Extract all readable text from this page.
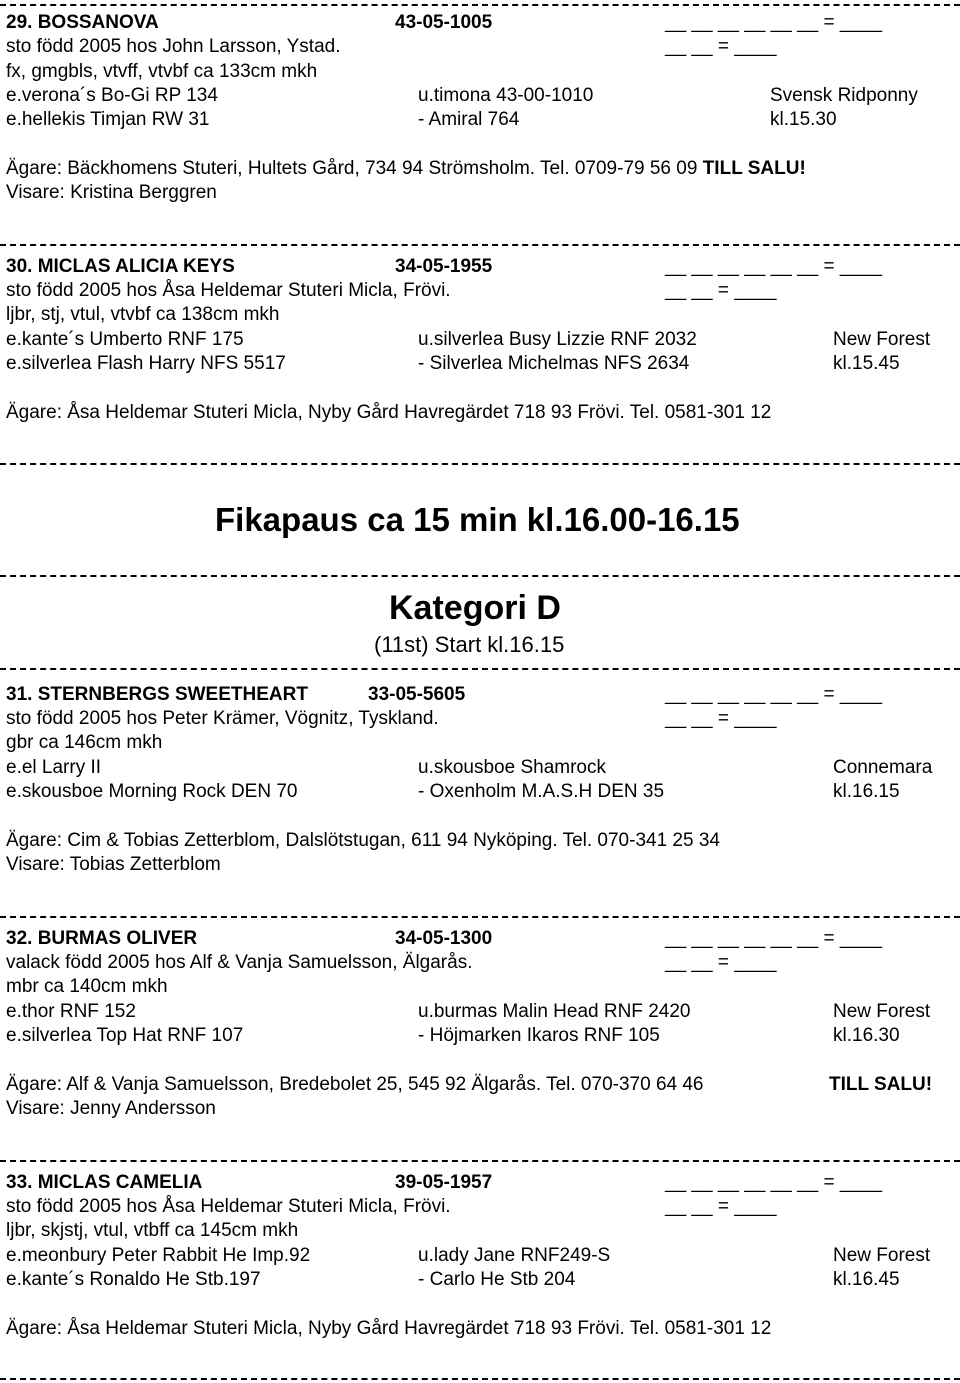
29. BOSSANOVA	43-05-1005	__ __ __ __ __ __ = ____
sto född 2005 hos John Larsson, Ystad.	__ __ = ____
fx, gmgbls, vtvff, vtvbf ca 133cm mkh
e.verona´s Bo-Gi RP 134	u.timona 43-00-1010	Svensk Ridponny
e.hellekis Timjan RW 31	- Amiral 764	kl.15.30
Ägare: Bäckhomens Stuteri, Hultets Gård, 734 94 Strömsholm. Tel. 0709-79 56 09 TILL SALU!
Visare: Kristina Berggren
30. MICLAS ALICIA KEYS	34-05-1955	__ __ __ __ __ __ = ____
sto född 2005 hos Åsa Heldemar Stuteri Micla, Frövi.	__ __ = ____
ljbr, stj, vtul, vtvbf ca 138cm mkh
e.kante´s Umberto RNF 175	u.silverlea Busy Lizzie RNF 2032	New Forest
e.silverlea Flash Harry NFS 5517	- Silverlea Michelmas NFS 2634	kl.15.45
Ägare: Åsa Heldemar Stuteri Micla, Nyby Gård Havregärdet 718 93 Frövi. Tel. 0581-301 12
Fikapaus ca 15 min kl.16.00-16.15
Kategori D
(11st) Start kl.16.15
31. STERNBERGS SWEETHEART	33-05-5605	__ __ __ __ __ __ = ____
sto född 2005 hos Peter Krämer, Vögnitz, Tyskland.	__ __ = ____
gbr ca 146cm mkh
e.el Larry II	u.skousboe Shamrock	Connemara
e.skousboe Morning Rock DEN 70	- Oxenholm M.A.S.H DEN 35	kl.16.15
Ägare: Cim & Tobias Zetterblom, Dalslötstugan, 611 94 Nyköping. Tel. 070-341 25 34
Visare: Tobias Zetterblom
32. BURMAS OLIVER	34-05-1300	__ __ __ __ __ __ = ____
valack född 2005 hos Alf & Vanja Samuelsson, Älgarås.	__ __ = ____
mbr ca 140cm mkh
e.thor RNF 152	u.burmas Malin Head RNF 2420	New Forest
e.silverlea Top Hat RNF 107	- Höjmarken Ikaros RNF 105	kl.16.30
Ägare: Alf & Vanja Samuelsson, Bredebolet 25, 545 92 Älgarås. Tel. 070-370 64 46	TILL SALU!
Visare: Jenny Andersson
33. MICLAS CAMELIA	39-05-1957	__ __ __ __ __ __ = ____
sto född 2005 hos Åsa Heldemar Stuteri Micla, Frövi.	__ __ = ____
ljbr, skjstj, vtul, vtbff ca 145cm mkh
e.meonbury Peter Rabbit He Imp.92	u.lady Jane RNF249-S	New Forest
e.kante´s Ronaldo He Stb.197	- Carlo He Stb 204	kl.16.45
Ägare: Åsa Heldemar Stuteri Micla, Nyby Gård Havregärdet 718 93 Frövi. Tel. 0581-301 12
